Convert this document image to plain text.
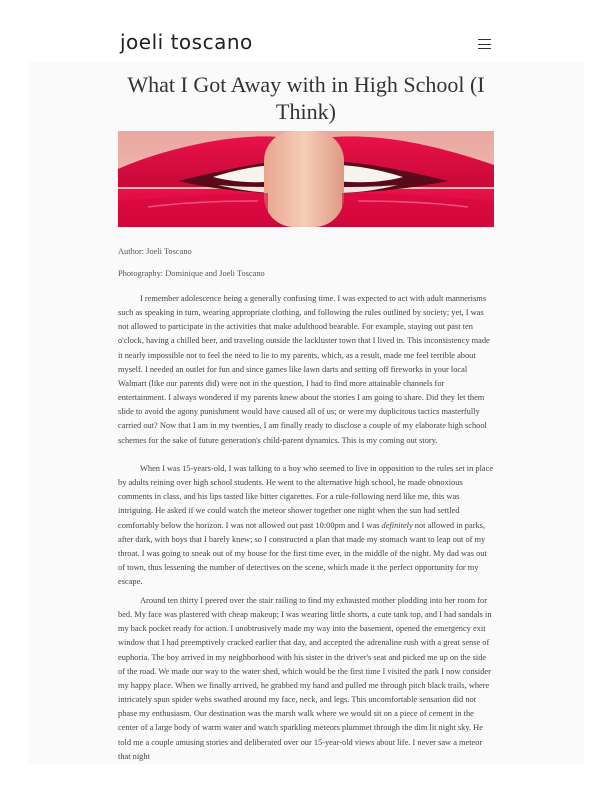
joeli toscano
What I Got Away with in High School (I Think)
Author: Joeli Toscano
Photography: Dominique and Joeli Toscano

I remember adolescence being a generally confusing time. I was expected to act with adult mannerisms such as speaking in turn, wearing appropriate clothing, and following the rules outlined by society; yet, I was not allowed to participate in the activities that make adulthood bearable. For example, staying out past ten o'clock, having a chilled beer, and traveling outside the lackluster town that I lived in. This inconsistency made it nearly impossible not to feel the need to lie to my parents, which, as a result, made me feel terrible about myself. I needed an outlet for fun and since games like lawn darts and setting off fireworks in your local Walmart (like our parents did) were not in the question, I had to find more attainable channels for entertainment. I always wondered if my parents knew about the stories I am going to share. Did they let them slide to avoid the agony punishment would have caused all of us; or were my duplicitous tactics masterfully carried out? Now that I am in my twenties, I am finally ready to disclose a couple of my elaborate high school schemes for the sake of future generation's child-parent dynamics. This is my coming out story.

When I was 15-years-old, I was talking to a boy who seemed to live in opposition to the rules set in place by adults reining over high school students. He went to the alternative high school, he made obnoxious comments in class, and his lips tasted like bitter cigarettes. For a rule-following nerd like me, this was intriguing. He asked if we could watch the meteor shower together one night when the sun had settled comfortably below the horizon. I was not allowed out past 10:00pm and I was definitely not allowed in parks, after dark, with boys that I barely knew; so I constructed a plan that made my stomach want to leap out of my throat. I was going to sneak out of my house for the first time ever, in the middle of the night. My dad was out of town, thus lessening the number of detectives on the scene, which made it the perfect opportunity for my escape.

Around ten thirty I peered over the stair railing to find my exhausted mother plodding into her room for bed. My face was plastered with cheap makeup; I was wearing little shorts, a cute tank top, and I had sandals in my back pocket ready for action. I unobtrusively made my way into the basement, opened the emergency exit window that I had preemptively cracked earlier that day, and accepted the adrenaline rush with a great sense of euphoria. The boy arrived in my neighborhood with his sister in the driver's seat and picked me up on the side of the road. We made our way to the water shed, which would be the first time I visited the park I now consider my happy place. When we finally arrived, he grabbed my hand and pulled me through pitch black trails, where intricately spun spider webs swathed around my face, neck, and legs. This uncomfortable sensation did not phase my enthusiasm. Our destination was the marsh walk where we would sit on a piece of cement in the center of a large body of warm water and watch sparkling meteors plummet through the dim lit night sky. He told me a couple amusing stories and deliberated over our 15-year-old views about life. I never saw a meteor that night
